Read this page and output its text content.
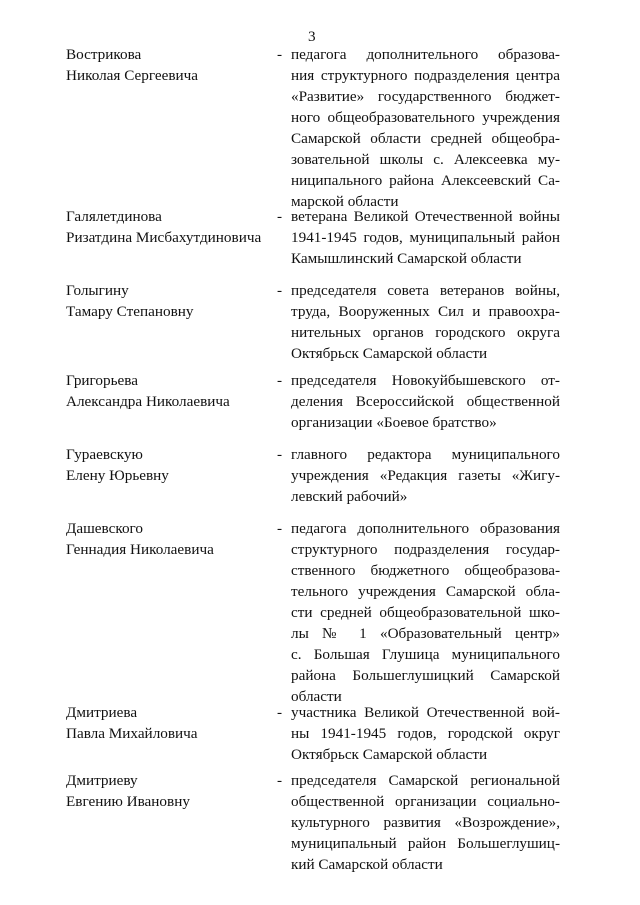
3
Вострикова
Николая Сергеевича
- педагога дополнительного образова-
ния структурного подразделения центра
«Развитие» государственного бюджет-
ного общеобразовательного учреждения
Самарской области средней общеобра-
зовательной школы с. Алексеевка му-
ниципального района Алексеевский Са-
марской области
Галялетдинова
Ризатдина Мисбахутдиновича
- ветерана Великой Отечественной войны
1941-1945 годов, муниципальный район
Камышлинский Самарской области
Голыгину
Тамару Степановну
- председателя совета ветеранов войны,
труда, Вооруженных Сил и правоохра-
нительных органов городского округа
Октябрьск Самарской области
Григорьева
Александра Николаевича
- председателя Новокуйбышевского от-
деления Всероссийской общественной
организации «Боевое братство»
Гураевскую
Елену Юрьевну
- главного редактора муниципального
учреждения «Редакция газеты «Жигу-
левский рабочий»
Дашевского
Геннадия Николаевича
- педагога дополнительного образования
структурного подразделения государ-
ственного бюджетного общеобразова-
тельного учреждения Самарской обла-
сти средней общеобразовательной шко-
лы № 1 «Образовательный центр»
с. Большая Глушица муниципального
района Большеглушицкий Самарской
области
Дмитриева
Павла Михайловича
- участника Великой Отечественной вой-
ны 1941-1945 годов, городской округ
Октябрьск Самарской области
Дмитриеву
Евгению Ивановну
- председателя Самарской региональной
общественной организации социально-
культурного развития «Возрождение»,
муниципальный район Большеглушиц-
кий Самарской области
